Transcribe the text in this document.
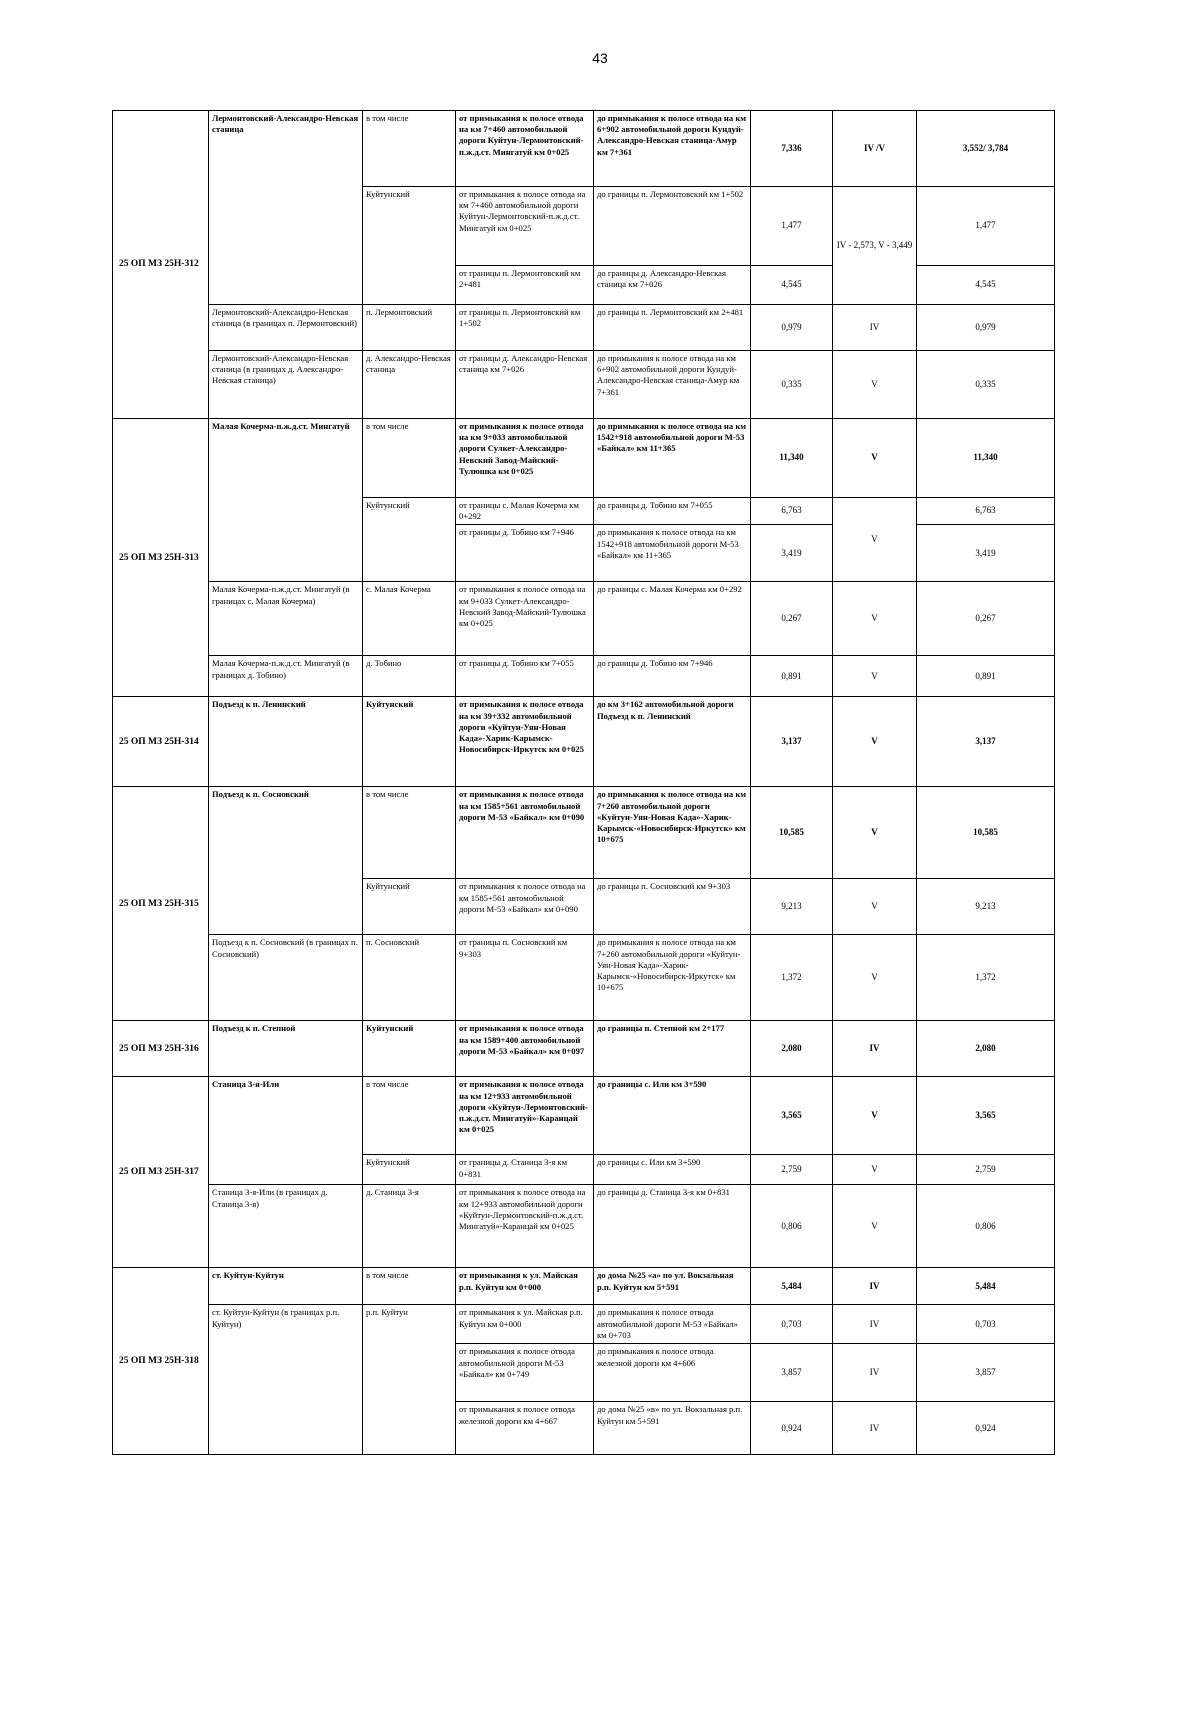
43
25 ОП МЗ 25Н-312	Лермонтовский-Александро-Невская станица	в том числе	от примыкания к полосе отвода на км 7+460 автомобильной дороги Куйтун-Лермонтовский-п.ж.д.ст. Мингатуй км 0+025	до примыкания к полосе отвода на км 6+902 автомобильной дороги Кундуй-Александро-Невская станица-Амур км 7+361	7,336	IV /V	3,552/ 3,784
		Куйтунский	от примыкания к полосе отвода на км 7+460 автомобильной дороги Куйтун-Лермонтовский-п.ж.д.ст. Мингатуй км 0+025	до границы п. Лермонтовский км 1+502	1,477	IV - 2,573, V - 3,449	1,477
			от границы п. Лермонтовский км 2+481	до границы д. Александро-Невская станица км 7+026	4,545		4,545
	Лермонтовский-Александро-Невская станица (в границах п. Лермонтовский)	п. Лермонтовский	от границы п. Лермонтовский км 1+502	до границы п. Лермонтовский км 2+481	0,979	IV	0,979
	Лермонтовский-Александро-Невская станица (в границах д. Александро-Невская станица)	д. Александро-Невская станица	от границы д. Александро-Невская станица км 7+026	до примыкания к полосе отвода на км 6+902 автомобильной дороги Кундуй-Александро-Невская станица-Амур км 7+361	0,335	V	0,335
25 ОП МЗ 25Н-313	Малая Кочерма-п.ж.д.ст. Мингатуй	в том числе	от примыкания к полосе отвода на км 9+033 автомобильной дороги Сулкет-Александро-Невский Завод-Майский-Тулюшка км 0+025	до примыкания к полосе отвода на км 1542+918 автомобильной дороги М-53 «Байкал» км 11+365	11,340	V	11,340
		Куйтунский	от границы с. Малая Кочерма км 0+292	до границы д. Тобино км 7+055	6,763	V	6,763
			от границы д. Тобино км 7+946	до примыкания к полосе отвода на км 1542+918 автомобильной дороги М-53 «Байкал» км 11+365	3,419		3,419
	Малая Кочерма-п.ж.д.ст. Мингатуй (в границах с. Малая Кочерма)	с. Малая Кочерма	от примыкания к полосе отвода на км 9+033 Сулкет-Александро-Невский Завод-Майский-Тулюшка км 0+025	до границы с. Малая Кочерма км 0+292	0,267	V	0,267
	Малая Кочерма-п.ж.д.ст. Мингатуй (в границах д. Тобино)	д. Тобино	от границы д. Тобино км 7+055	до границы д. Тобино км 7+946	0,891	V	0,891
25 ОП МЗ 25Н-314	Подъезд к п. Ленинский	Куйтунский	от примыкания к полосе отвода на км 39+332 автомобильной дороги «Куйтун-Уян-Новая Када»-Харик-Карымск-Новосибирск-Иркутск км 0+025	до км 3+162 автомобильной дороги Подъезд к п. Ленинский	3,137	V	3,137
25 ОП МЗ 25Н-315	Подъезд к п. Сосновский	в том числе	от примыкания к полосе отвода на км 1585+561 автомобильной дороги М-53 «Байкал» км 0+090	до примыкания к полосе отвода на км 7+260 автомобильной дороги «Куйтун-Уян-Новая Када»-Харик-Карымск-«Новосибирск-Иркутск» км 10+675	10,585	V	10,585
		Куйтунский	от примыкания к полосе отвода на км 1585+561 автомобильной дороги М-53 «Байкал» км 0+090	до границы п. Сосновский км 9+303	9,213	V	9,213
	Подъезд к п. Сосновский (в границах п. Сосновский)	п. Сосновский	от границы п. Сосновский км 9+303	до примыкания к полосе отвода на км 7+260 автомобильной дороги «Куйтун-Уян-Новая Када»-Харик-Карымск-«Новосибирск-Иркутск» км 10+675	1,372	V	1,372
25 ОП МЗ 25Н-316	Подъезд к п. Степной	Куйтунский	от примыкания к полосе отвода на км 1589+400 автомобильной дороги М-53 «Байкал» км 0+097	до границы п. Степной км 2+177	2,080	IV	2,080
25 ОП МЗ 25Н-317	Станица 3-я-Или	в том числе	от примыкания к полосе отвода на км 12+933 автомобильной дороги «Куйтун-Лермонтовский-п.ж.д.ст. Мингатуй»-Каранцай км 0+025	до границы с. Или км 3+590	3,565	V	3,565
		Куйтунский	от границы д. Станица 3-я км 0+831	до границы с. Или км 3+590	2,759	V	2,759
	Станица 3-я-Или (в границах д. Станица 3-я)	д. Станица 3-я	от примыкания к полосе отвода на км 12+933 автомобильной дороги «Куйтун-Лермонтовский-п.ж.д.ст. Мингатуй»-Каранцай км 0+025	до границы д. Станица 3-я км 0+831	0,806	V	0,806
25 ОП МЗ 25Н-318	ст. Куйтун-Куйтун	в том числе	от примыкания к ул. Майская р.п. Куйтун км 0+000	до дома №25 «а» по ул. Вокзальная р.п. Куйтун км 5+591	5,484	IV	5,484
	ст. Куйтун-Куйтун (в границах р.п. Куйтун)	р.п. Куйтун	от примыкания к ул. Майская р.п. Куйтун км 0+000	до примыкания к полосе отвода автомобильной дороги М-53 «Байкал» км 0+703	0,703	IV	0,703
			от примыкания к полосе отвода автомобильной дороги М-53 «Байкал» км 0+749	до примыкания к полосе отвода железной дороги км 4+606	3,857	IV	3,857
			от примыкания к полосе отвода железной дороги км 4+667	до дома №25 «в» по ул. Вокзальная р.п. Куйтун км 5+591	0,924	IV	0,924
